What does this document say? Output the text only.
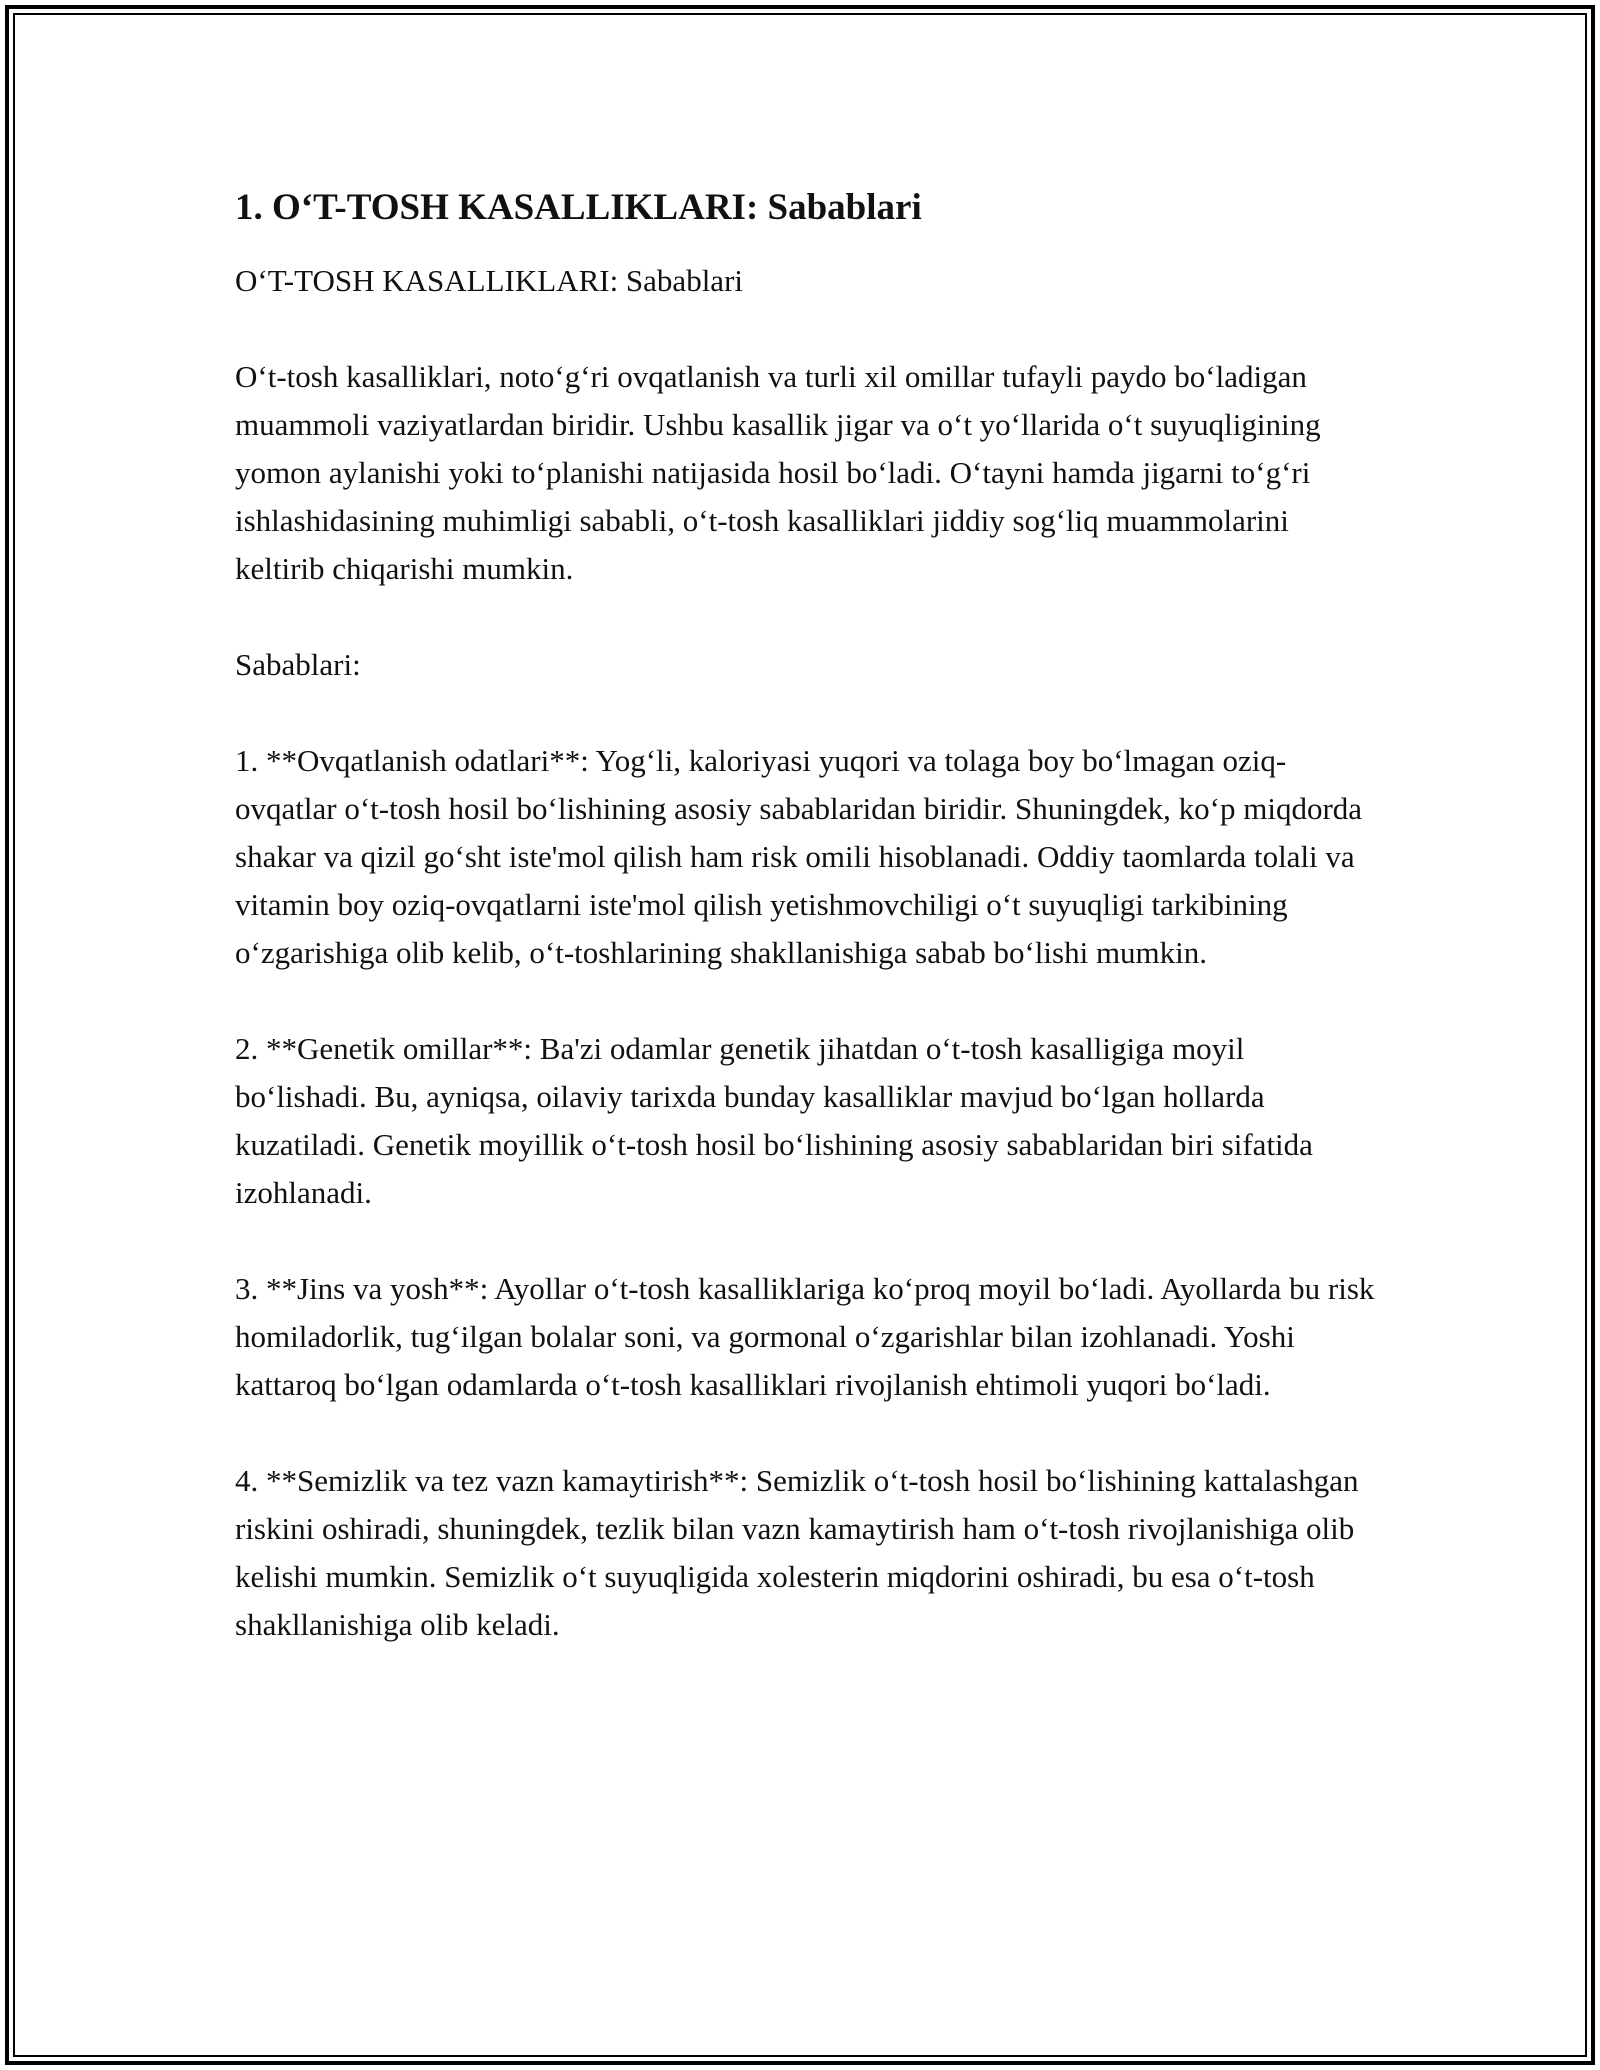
1. O‘T-TOSH KASALLIKLARI: Sabablari

O‘T-TOSH KASALLIKLARI: Sabablari

O‘t-tosh kasalliklari, noto‘g‘ri ovqatlanish va turli xil omillar tufayli paydo bo‘ladigan muammoli vaziyatlardan biridir. Ushbu kasallik jigar va o‘t yo‘llarida o‘t suyuqligining yomon aylanishi yoki to‘planishi natijasida hosil bo‘ladi. O‘tayni hamda jigarni to‘g‘ri ishlashidasining muhimligi sababli, o‘t-tosh kasalliklari jiddiy sog‘liq muammolarini keltirib chiqarishi mumkin.

Sabablari:

1. **Ovqatlanish odatlari**: Yog‘li, kaloriyasi yuqori va tolaga boy bo‘lmagan oziq-ovqatlar o‘t-tosh hosil bo‘lishining asosiy sabablaridan biridir. Shuningdek, ko‘p miqdorda shakar va qizil go‘sht iste'mol qilish ham risk omili hisoblanadi. Oddiy taomlarda tolali va vitamin boy oziq-ovqatlarni iste'mol qilish yetishmovchiligi o‘t suyuqligi tarkibining o‘zgarishiga olib kelib, o‘t-toshlarining shakllanishiga sabab bo‘lishi mumkin.

2. **Genetik omillar**: Ba'zi odamlar genetik jihatdan o‘t-tosh kasalligiga moyil bo‘lishadi. Bu, ayniqsa, oilaviy tarixda bunday kasalliklar mavjud bo‘lgan hollarda kuzatiladi. Genetik moyillik o‘t-tosh hosil bo‘lishining asosiy sabablaridan biri sifatida izohlanadi.

3. **Jins va yosh**: Ayollar o‘t-tosh kasalliklariga ko‘proq moyil bo‘ladi. Ayollarda bu risk homiladorlik, tug‘ilgan bolalar soni, va gormonal o‘zgarishlar bilan izohlanadi. Yoshi kattaroq bo‘lgan odamlarda o‘t-tosh kasalliklari rivojlanish ehtimoli yuqori bo‘ladi.

4. **Semizlik va tez vazn kamaytirish**: Semizlik o‘t-tosh hosil bo‘lishining kattalashgan riskini oshiradi, shuningdek, tezlik bilan vazn kamaytirish ham o‘t-tosh rivojlanishiga olib kelishi mumkin. Semizlik o‘t suyuqligida xolesterin miqdorini oshiradi, bu esa o‘t-tosh shakllanishiga olib keladi.
